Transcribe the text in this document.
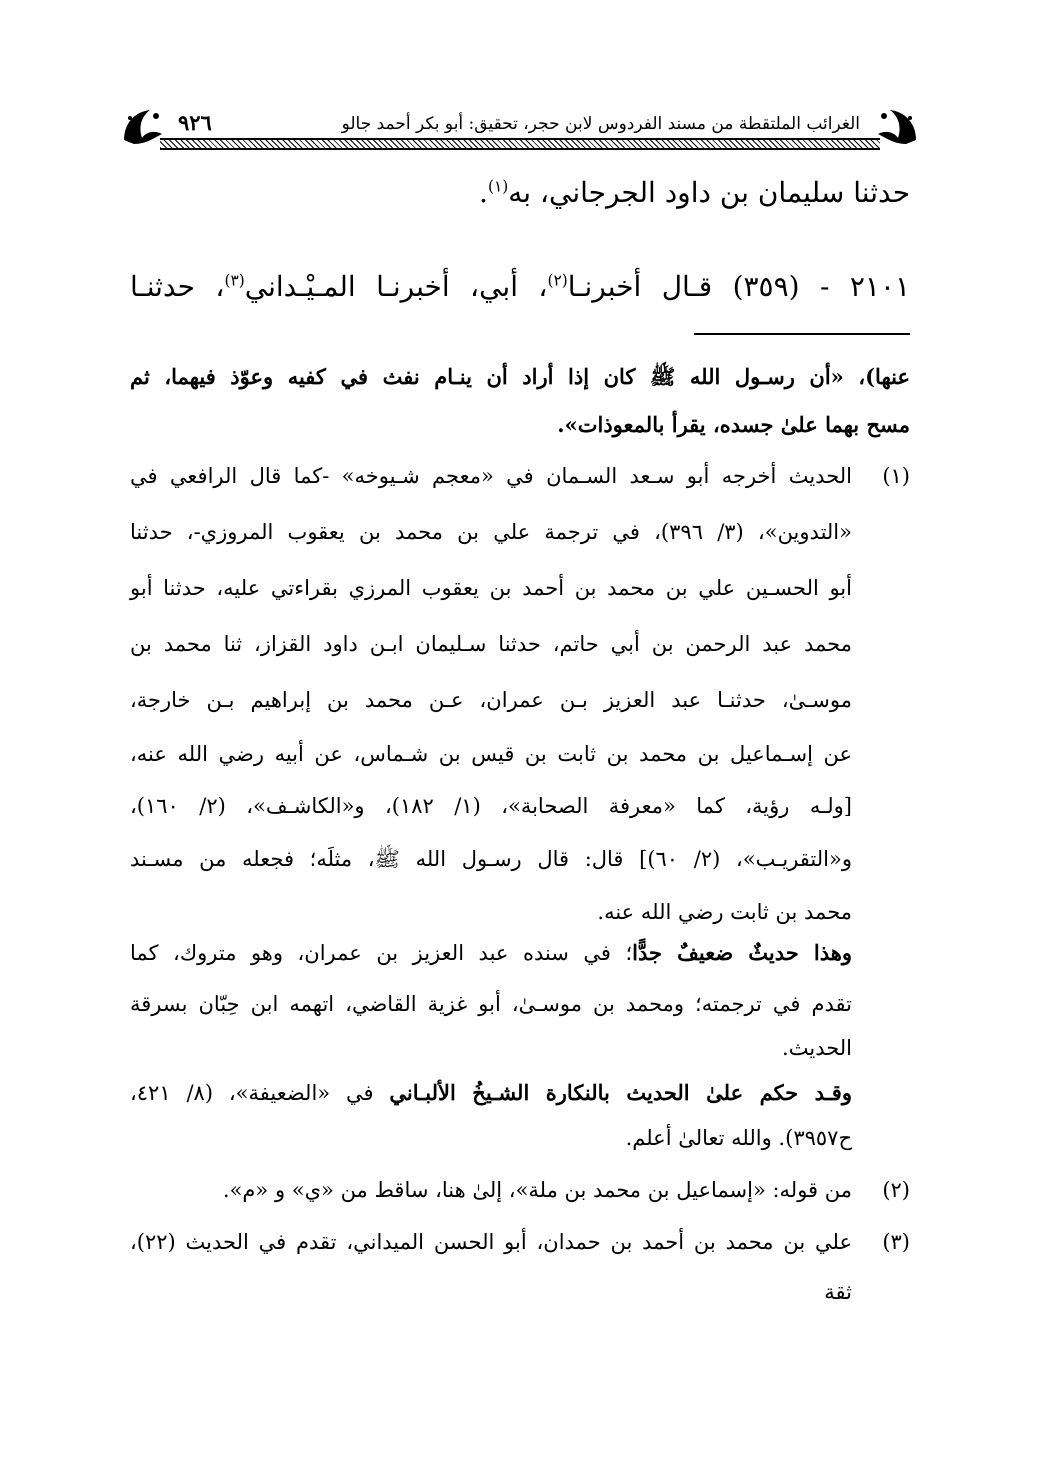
٩٢٦	الغرائب الملتقطة من مسند الفردوس لابن حجر، تحقيق: أبو بكر أحمد جالو
حدثنا سليمان بن داود الجرجاني، به$^{(١)}$.
٢١٠١ - (٣٥٩) قـال أخبرنـا$^{(٢)}$، أبي، أخبرنـا المـيْـداني$^{(٣)}$، حدثنـا
عنها)، «أن رسـول الله ﷺ كان إذا أراد أن ينـام نفث في كفيه وعوّذ فيهما، ثم
مسح بهما علىٰ جسده، يقرأ بالمعوذات».
(١)
الحديث أخرجه أبو سـعد السـمان في «معجم شـيوخه» -كما قال الرافعي في
«التدوين»، (٣/ ٣٩٦)، في ترجمة علي بن محمد بن يعقوب المروزي-، حدثنا
أبو الحسـين علي بن محمد بن أحمد بن يعقوب المرزي بقراءتي عليه، حدثنا أبو
محمد عبد الرحمن بن أبي حاتم، حدثنا سـليمان ابـن داود القزاز، ثنا محمد بن
موسـىٰ، حدثنـا عبد العزيز بـن عمران، عـن محمد بن إبراهيم بـن خارجة،
عن إسـماعيل بن محمد بن ثابت بن قيس بن شـماس، عن أبيه رضي الله عنه،
[ولـه رؤية، كما «معرفة الصحابة»، (١/ ١٨٢)، و«الكاشـف»، (٢/ ١٦٠)،
و«التقريـب»، (٢/ ٦٠)] قال: قال رسـول الله ﷺ، مثلَه؛ فجعله من مسـند
محمد بن ثابت رضي الله عنه.
وهذا حديثٌ ضعيفٌ جدًّا؛ في سنده عبد العزيز بن عمران، وهو متروك، كما
تقدم في ترجمته؛ ومحمد بن موسـىٰ، أبو غزية القاضي، اتهمه ابن حِبّان بسرقة
الحديث.
وقـد حكم علىٰ الحديث بالنكارة الشـيخُ الألبـاني في «الضعيفة»، (٨/ ٤٢١،
ح٣٩٥٧). والله تعالىٰ أعلم.
(٢)
من قوله: «إسماعيل بن محمد بن ملة»، إلىٰ هنا، ساقط من «ي» و «م».
(٣)
علي بن محمد بن أحمد بن حمدان، أبو الحسن الميداني، تقدم في الحديث (٢٢)،
ثقة
